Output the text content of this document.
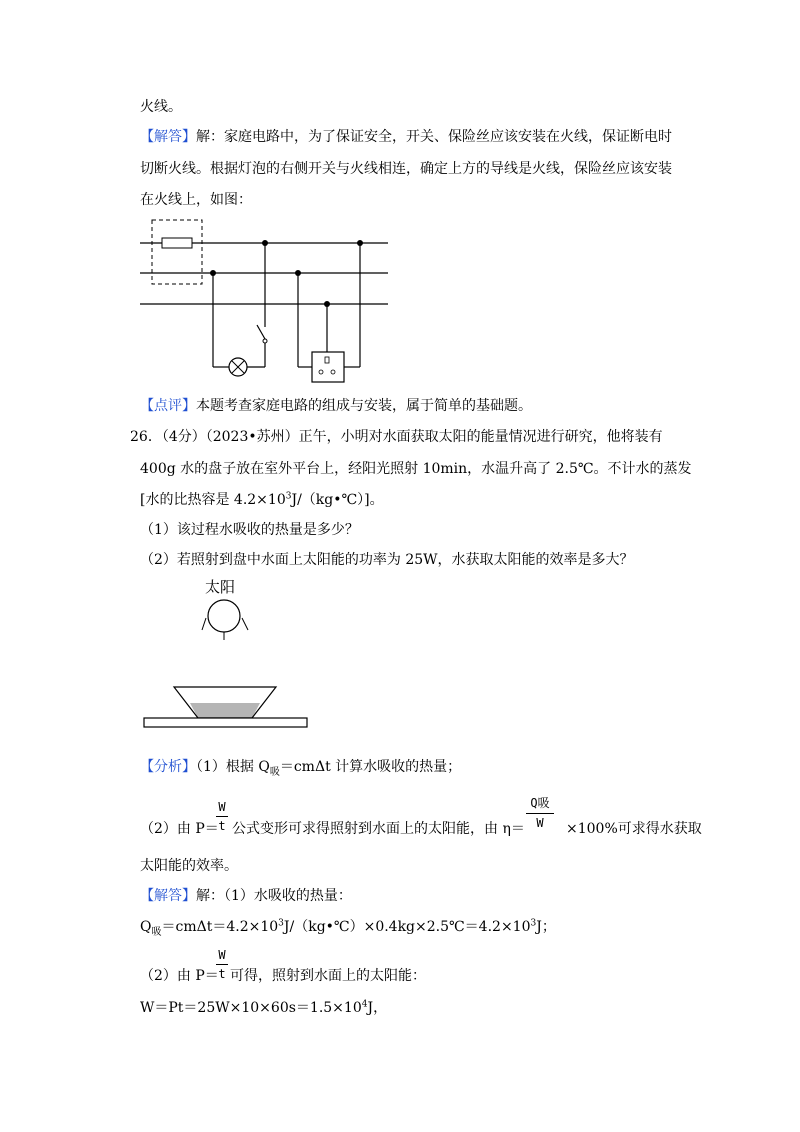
火线。
【解答】解：家庭电路中，为了保证安全，开关、保险丝应该安装在火线，保证断电时
切断火线。根据灯泡的右侧开关与火线相连，确定上方的导线是火线，保险丝应该安装
在火线上，如图：
【点评】本题考查家庭电路的组成与安装，属于简单的基础题。
26．（4分）（2023•苏州）正午，小明对水面获取太阳的能量情况进行研究，他将装有
400g 水的盘子放在室外平台上，经阳光照射 10min，水温升高了 2.5℃。不计水的蒸发
[水的比热容是 $4.2\times 10^3J/(kg•℃)$]。
（1）该过程水吸收的热量是多少？
（2）若照射到盘中水面上太阳能的功率为 25W，水获取太阳能的效率是多大？
太阳
【分析】（1）根据 $Q_吸=cm\Delta t$ 计算水吸收的热量；
（2）由 P＝
W
t 公式变形可求得照射到水面上的太阳能，由 η＝
Q吸
W	×100%可求得水获取
太阳能的效率。
【解答】解：（1）水吸收的热量：
$Q_吸=cm\Delta t=4.2\times 10^3J/(kg•℃)\times 0.4kg\times 2.5℃=4.2\times 10^3J$；
（2）由 P＝
W
t 可得，照射到水面上的太阳能：
$W=Pt=25W\times 10\times 60s=1.5\times 10^4J$，
